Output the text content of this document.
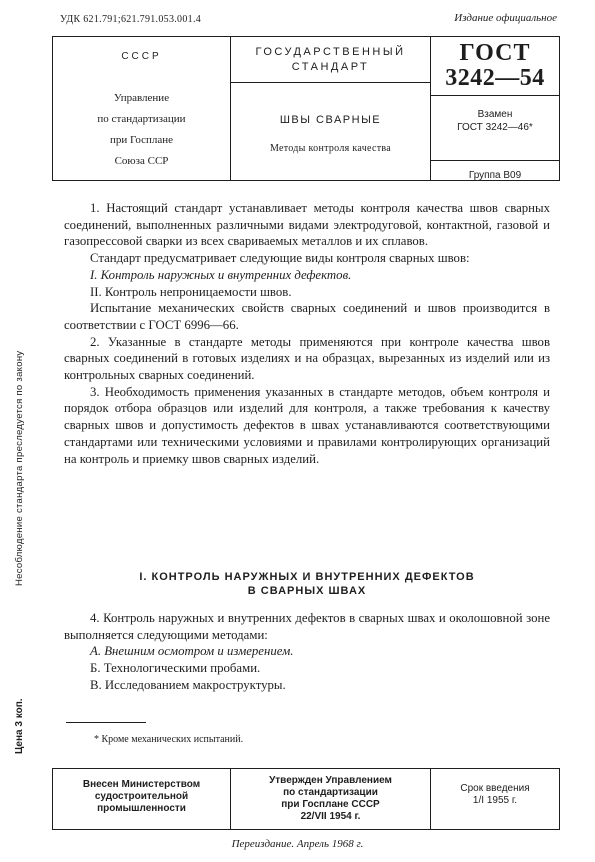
УДК 621.791;621.791.053.001.4	Издание официальное
СССР
Управление
по стандартизации
при Госплане
Союза ССР
ГОСУДАРСТВЕННЫЙ
СТАНДАРТ
ШВЫ СВАРНЫЕ
Методы контроля качества
ГОСТ
3242—54
Взамен
ГОСТ 3242—46*
Группа В09
Несоблюдение стандарта преследуется по закону
Цена 3 коп.

1. Настоящий стандарт устанавливает методы контроля качества швов сварных соединений, выполненных различными видами электродуговой, контактной, газовой и газопрессовой сварки из всех свариваемых металлов и их сплавов.

Стандарт предусматривает следующие виды контроля сварных швов:

I. Контроль наружных и внутренних дефектов.

II. Контроль непроницаемости швов.

Испытание механических свойств сварных соединений и швов производится в соответствии с ГОСТ 6996—66.

2. Указанные в стандарте методы применяются при контроле качества швов сварных соединений в готовых изделиях и на образцах, вырезанных из изделий или из контрольных сварных соединений.

3. Необходимость применения указанных в стандарте методов, объем контроля и порядок отбора образцов или изделий для контроля, а также требования к качеству сварных швов и допустимость дефектов в швах устанавливаются соответствующими стандартами или техническими условиями и правилами контролирующих организаций на контроль и приемку швов сварных изделий.

I. КОНТРОЛЬ НАРУЖНЫХ И ВНУТРЕННИХ ДЕФЕКТОВ
В СВАРНЫХ ШВАХ

4. Контроль наружных и внутренних дефектов в сварных швах и околошовной зоне выполняется следующими методами:

А. Внешним осмотром и измерением.

Б. Технологическими пробами.

В. Исследованием макроструктуры.

* Кроме механических испытаний.
Внесен Министерством
судостроительной
промышленности
Утвержден Управлением
по стандартизации
при Госплане СССР
22/VII 1954 г.
Срок введения
1/I 1955 г.
Переиздание. Апрель 1968 г.
